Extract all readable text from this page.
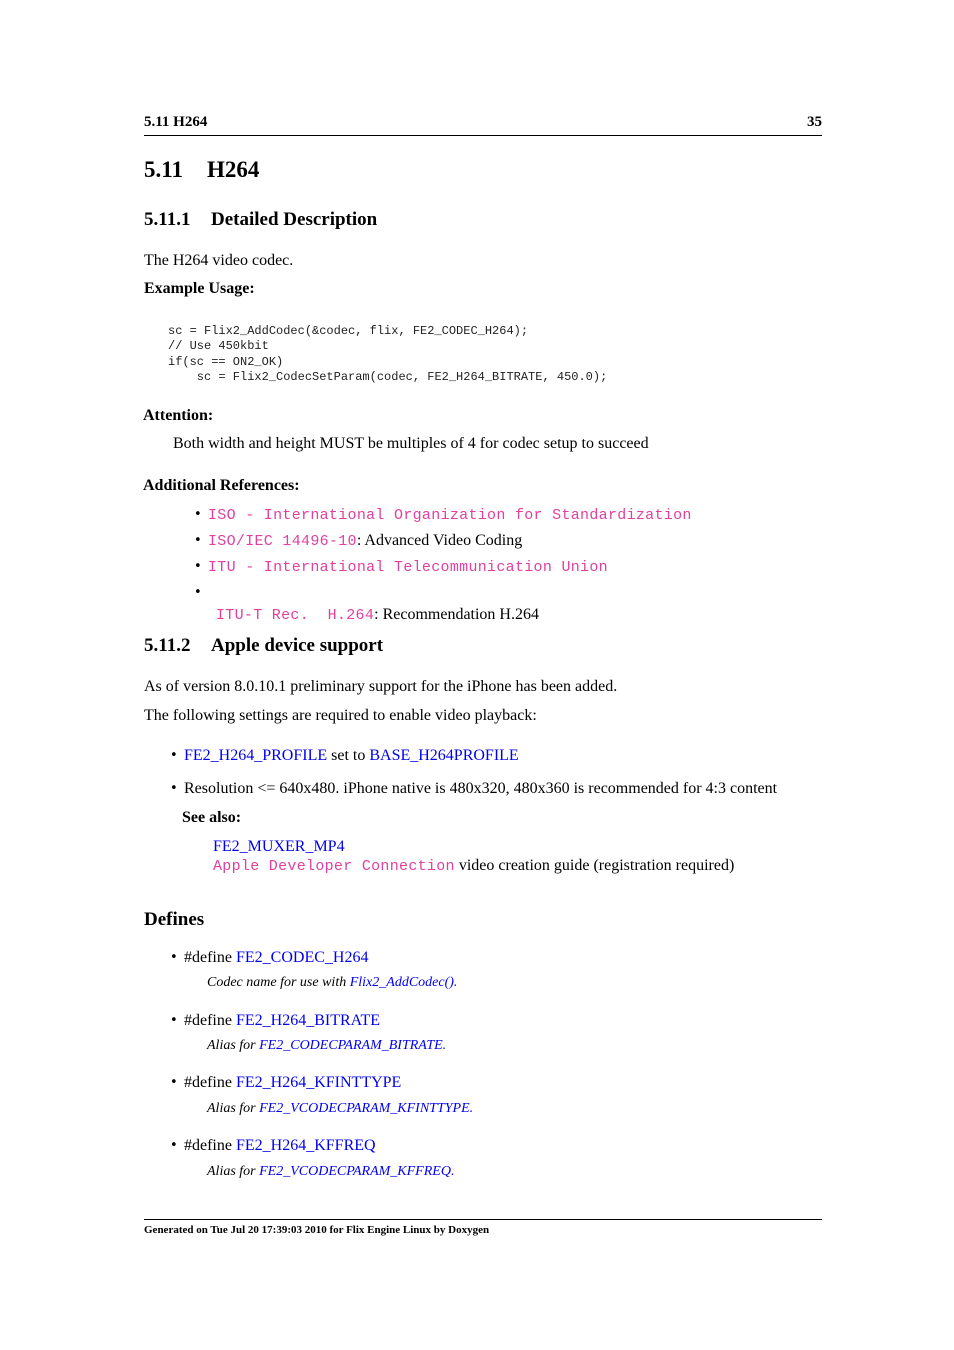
5.11 H264	35
5.11 H264
5.11.1 Detailed Description
The H264 video codec.
Example Usage:
sc = Flix2_AddCodec(&codec, flix, FE2_CODEC_H264);
// Use 450kbit
if(sc == ON2_OK)
sc = Flix2_CodecSetParam(codec, FE2_H264_BITRATE, 450.0);
Attention:
Both width and height MUST be multiples of 4 for codec setup to succeed
Additional References:
• ISO - International Organization for Standardization
• ISO/IEC 14496-10: Advanced Video Coding
• ITU - International Telecommunication Union

• ITU-T Rec.  H.264: Recommendation H.264

5.11.2 Apple device support
As of version 8.0.10.1 preliminary support for the iPhone has been added.
The following settings are required to enable video playback:
• FE2_H264_PROFILE set to BASE_H264PROFILE
• Resolution <= 640x480. iPhone native is 480x320, 480x360 is recommended for 4:3 content
See also:
FE2_MUXER_MP4
Apple Developer Connection video creation guide (registration required)
Defines
• #define FE2_CODEC_H264
Codec name for use with Flix2_AddCodec().
• #define FE2_H264_BITRATE
Alias for FE2_CODECPARAM_BITRATE.
• #define FE2_H264_KFINTTYPE
Alias for FE2_VCODECPARAM_KFINTTYPE.
• #define FE2_H264_KFFREQ
Alias for FE2_VCODECPARAM_KFFREQ.
Generated on Tue Jul 20 17:39:03 2010 for Flix Engine Linux by Doxygen
